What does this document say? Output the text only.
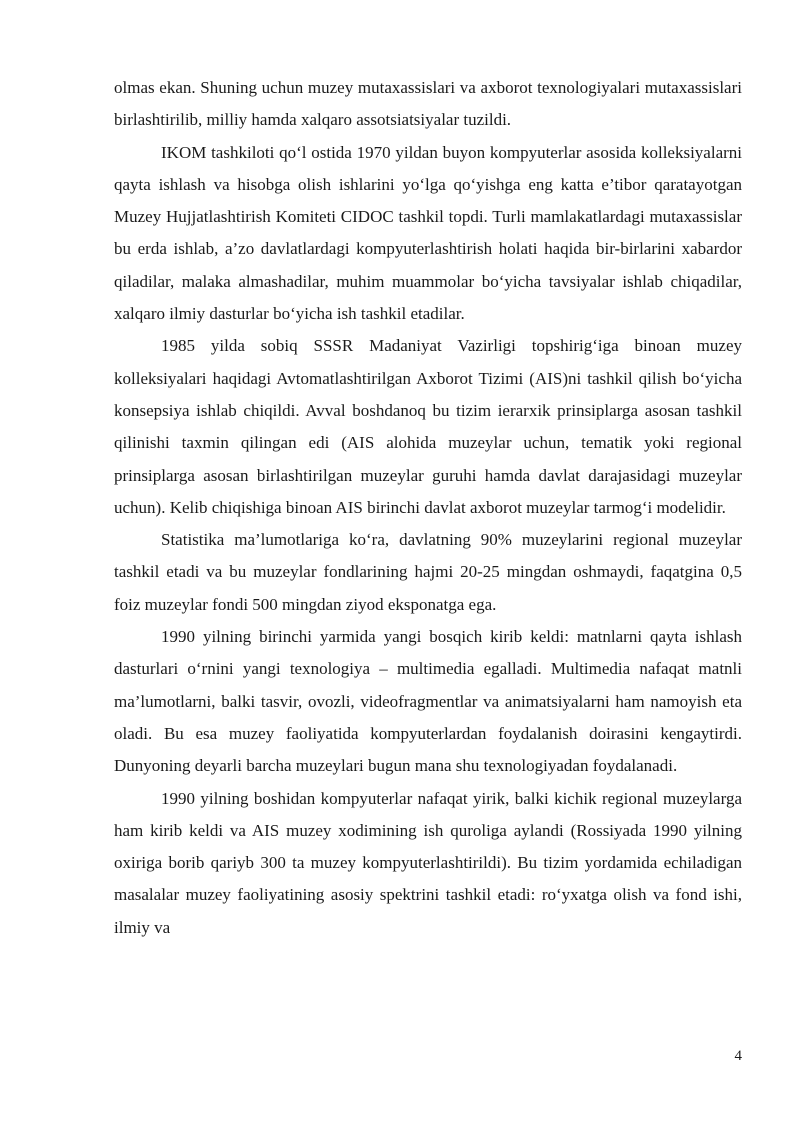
olmas ekan. Shuning uchun muzey mutaxassislari va axborot texnologiyalari mutaxassislari birlashtirilib, milliy hamda xalqaro assotsiatsiyalar tuzildi.

IKOM tashkiloti qo‘l ostida 1970 yildan buyon kompyuterlar asosida kolleksiyalarni qayta ishlash va hisobga olish ishlarini yo‘lga qo‘yishga eng katta e’tibor qaratayotgan Muzey Hujjatlashtirish Komiteti CIDOC tashkil topdi. Turli mamlakatlardagi mutaxassislar bu erda ishlab, a’zo davlatlardagi kompyuterlashtirish holati haqida bir-birlarini xabardor qiladilar, malaka almashadilar, muhim muammolar bo‘yicha tavsiyalar ishlab chiqadilar, xalqaro ilmiy dasturlar bo‘yicha ish tashkil etadilar.

1985 yilda sobiq SSSR Madaniyat Vazirligi topshirig‘iga binoan muzey kolleksiyalari haqidagi Avtomatlashtirilgan Axborot Tizimi (AIS)ni tashkil qilish bo‘yicha konsepsiya ishlab chiqildi. Avval boshdanoq bu tizim ierarxik prinsiplarga asosan tashkil qilinishi taxmin qilingan edi (AIS alohida muzeylar uchun, tematik yoki regional prinsiplarga asosan birlashtirilgan muzeylar guruhi hamda davlat darajasidagi muzeylar uchun). Kelib chiqishiga binoan AIS birinchi davlat axborot muzeylar tarmog‘i modelidir.

Statistika ma’lumotlariga ko‘ra, davlatning 90% muzeylarini regional muzeylar tashkil etadi va bu muzeylar fondlarining hajmi 20-25 mingdan oshmaydi, faqatgina 0,5 foiz muzeylar fondi 500 mingdan ziyod eksponatga ega.

1990 yilning birinchi yarmida yangi bosqich kirib keldi: matnlarni qayta ishlash dasturlari o‘rnini yangi texnologiya – multimedia egalladi. Multimedia nafaqat matnli ma’lumotlarni, balki tasvir, ovozli, videofragmentlar va animatsiyalarni ham namoyish eta oladi. Bu esa muzey faoliyatida kompyuterlardan foydalanish doirasini kengaytirdi. Dunyoning deyarli barcha muzeylari bugun mana shu texnologiyadan foydalanadi.

1990 yilning boshidan kompyuterlar nafaqat yirik, balki kichik regional muzeylarga ham kirib keldi va AIS muzey xodimining ish quroliga aylandi (Rossiyada 1990 yilning oxiriga borib qariyb 300 ta muzey kompyuterlashtirildi). Bu tizim yordamida echiladigan masalalar muzey faoliyatining asosiy spektrini tashkil etadi: ro‘yxatga olish va fond ishi, ilmiy va

4
